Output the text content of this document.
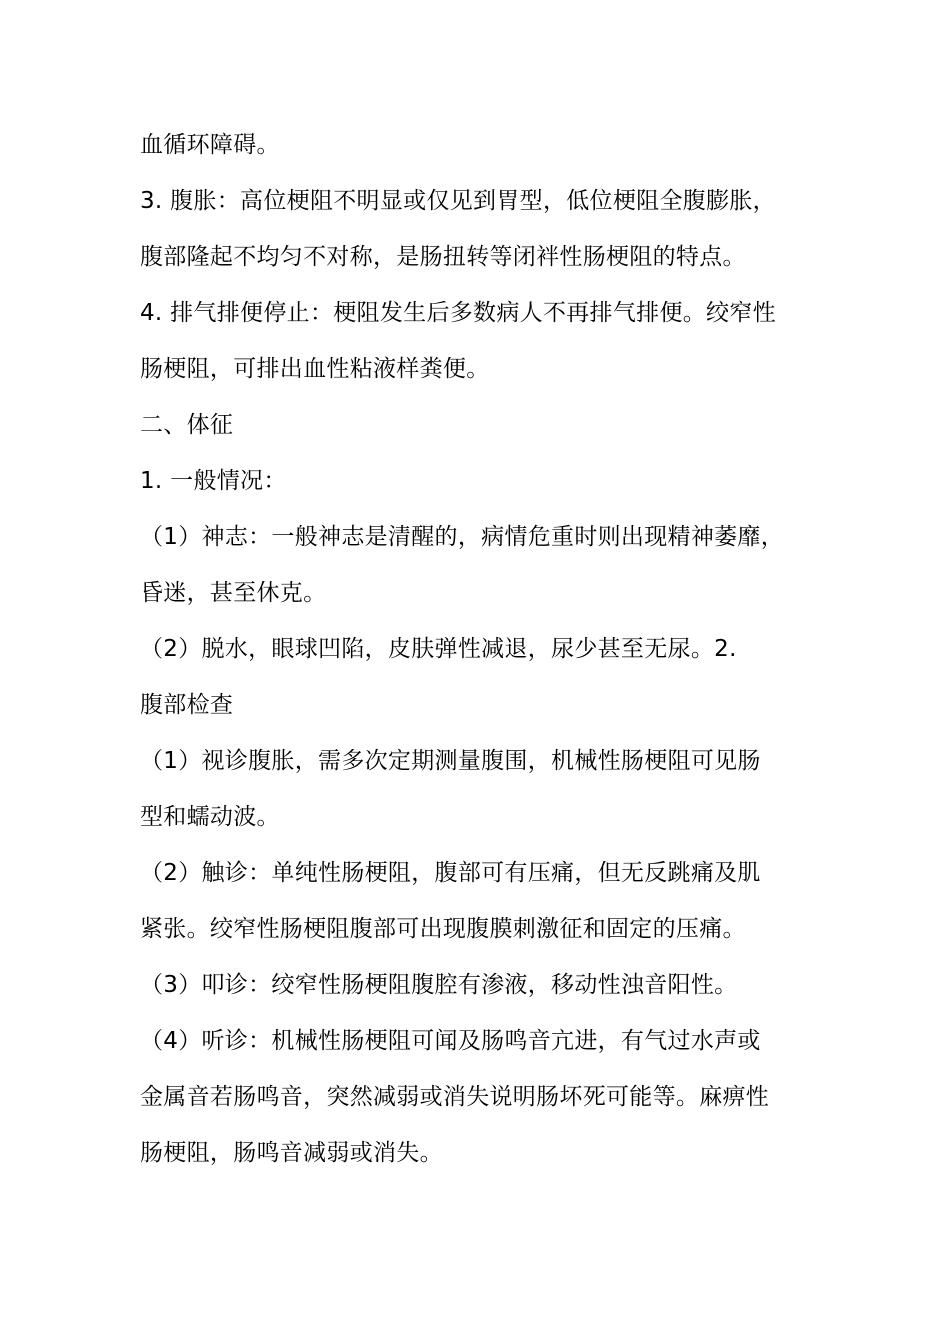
血循环障碍。
3. 腹胀：高位梗阻不明显或仅见到胃型，低位梗阻全腹膨胀，
腹部隆起不均匀不对称，是肠扭转等闭袢性肠梗阻的特点。
4. 排气排便停止：梗阻发生后多数病人不再排气排便。绞窄性
肠梗阻，可排出血性粘液样粪便。
二、体征
1. 一般情况：
（1）神志：一般神志是清醒的，病情危重时则出现精神萎靡，
昏迷，甚至休克。
（2）脱水，眼球凹陷，皮肤弹性减退，尿少甚至无尿。2.
腹部检查
（1）视诊腹胀，需多次定期测量腹围，机械性肠梗阻可见肠
型和蠕动波。
（2）触诊：单纯性肠梗阻，腹部可有压痛，但无反跳痛及肌
紧张。绞窄性肠梗阻腹部可出现腹膜刺激征和固定的压痛。
（3）叩诊：绞窄性肠梗阻腹腔有渗液，移动性浊音阳性。
（4）听诊：机械性肠梗阻可闻及肠鸣音亢进，有气过水声或
金属音若肠鸣音，突然减弱或消失说明肠坏死可能等。麻痹性
肠梗阻，肠鸣音减弱或消失。
